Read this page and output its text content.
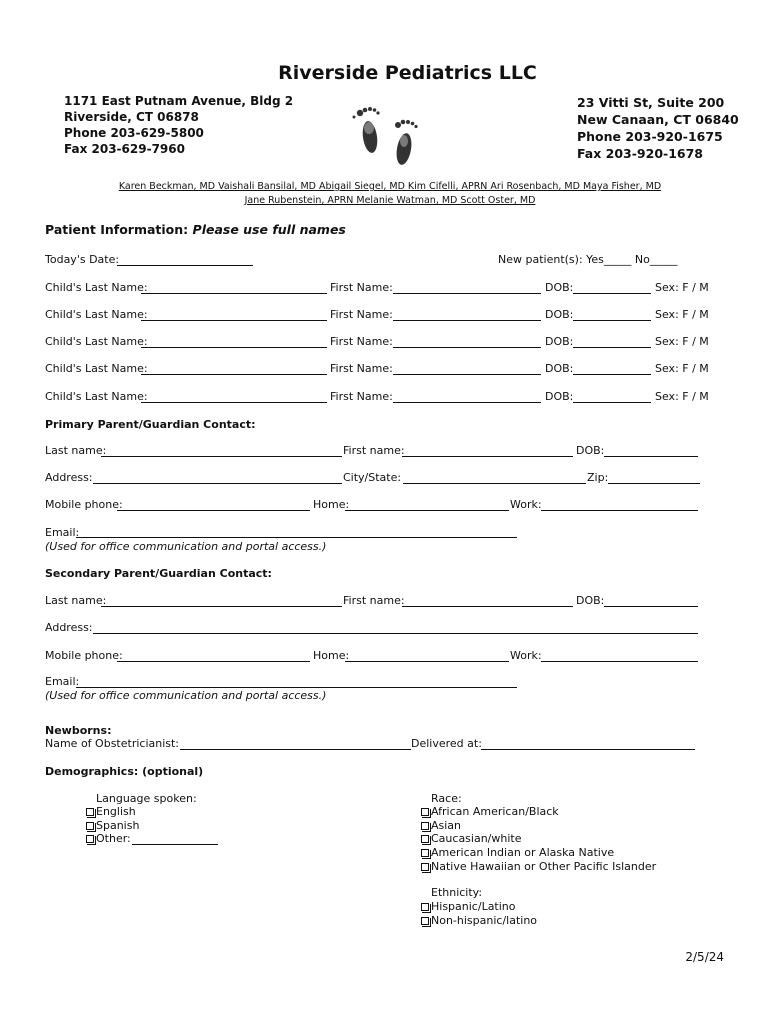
Riverside Pediatrics LLC
1171 East Putnam Avenue, Bldg 2
Riverside, CT 06878
Phone 203-629-5800
Fax 203-629-7960
23 Vitti St, Suite 200
New Canaan, CT 06840
Phone 203-920-1675
Fax 203-920-1678
Karen Beckman, MD Vaishali Bansilal, MD Abigail Siegel, MD Kim Cifelli, APRN Ari Rosenbach, MD Maya Fisher, MD
Jane Rubenstein, APRN Melanie Watman, MD Scott Oster, MD
Patient Information: Please use full names
Today's Date:	New patient(s): Yes_____ No_____
Child's Last Name:	First Name:	DOB:	Sex: F / M
Child's Last Name:	First Name:	DOB:	Sex: F / M
Child's Last Name:	First Name:	DOB:	Sex: F / M
Child's Last Name:	First Name:	DOB:	Sex: F / M
Child's Last Name:	First Name:	DOB:	Sex: F / M
Primary Parent/Guardian Contact:
Last name:	First name:	DOB:
Address:	City/State:	Zip:
Mobile phone:	Home:	Work:
Email:
(Used for office communication and portal access.)
Secondary Parent/Guardian Contact:
Last name:	First name:	DOB:
Address:
Mobile phone:	Home:	Work:
Email:
(Used for office communication and portal access.)
Newborns:
Name of Obstetricianist:	Delivered at:
Demographics: (optional)
Language spoken:
English
Spanish
Other:
Race:
African American/Black
Asian
Caucasian/white
American Indian or Alaska Native
Native Hawaiian or Other Pacific Islander
Ethnicity:
Hispanic/Latino
Non-hispanic/latino
2/5/24
